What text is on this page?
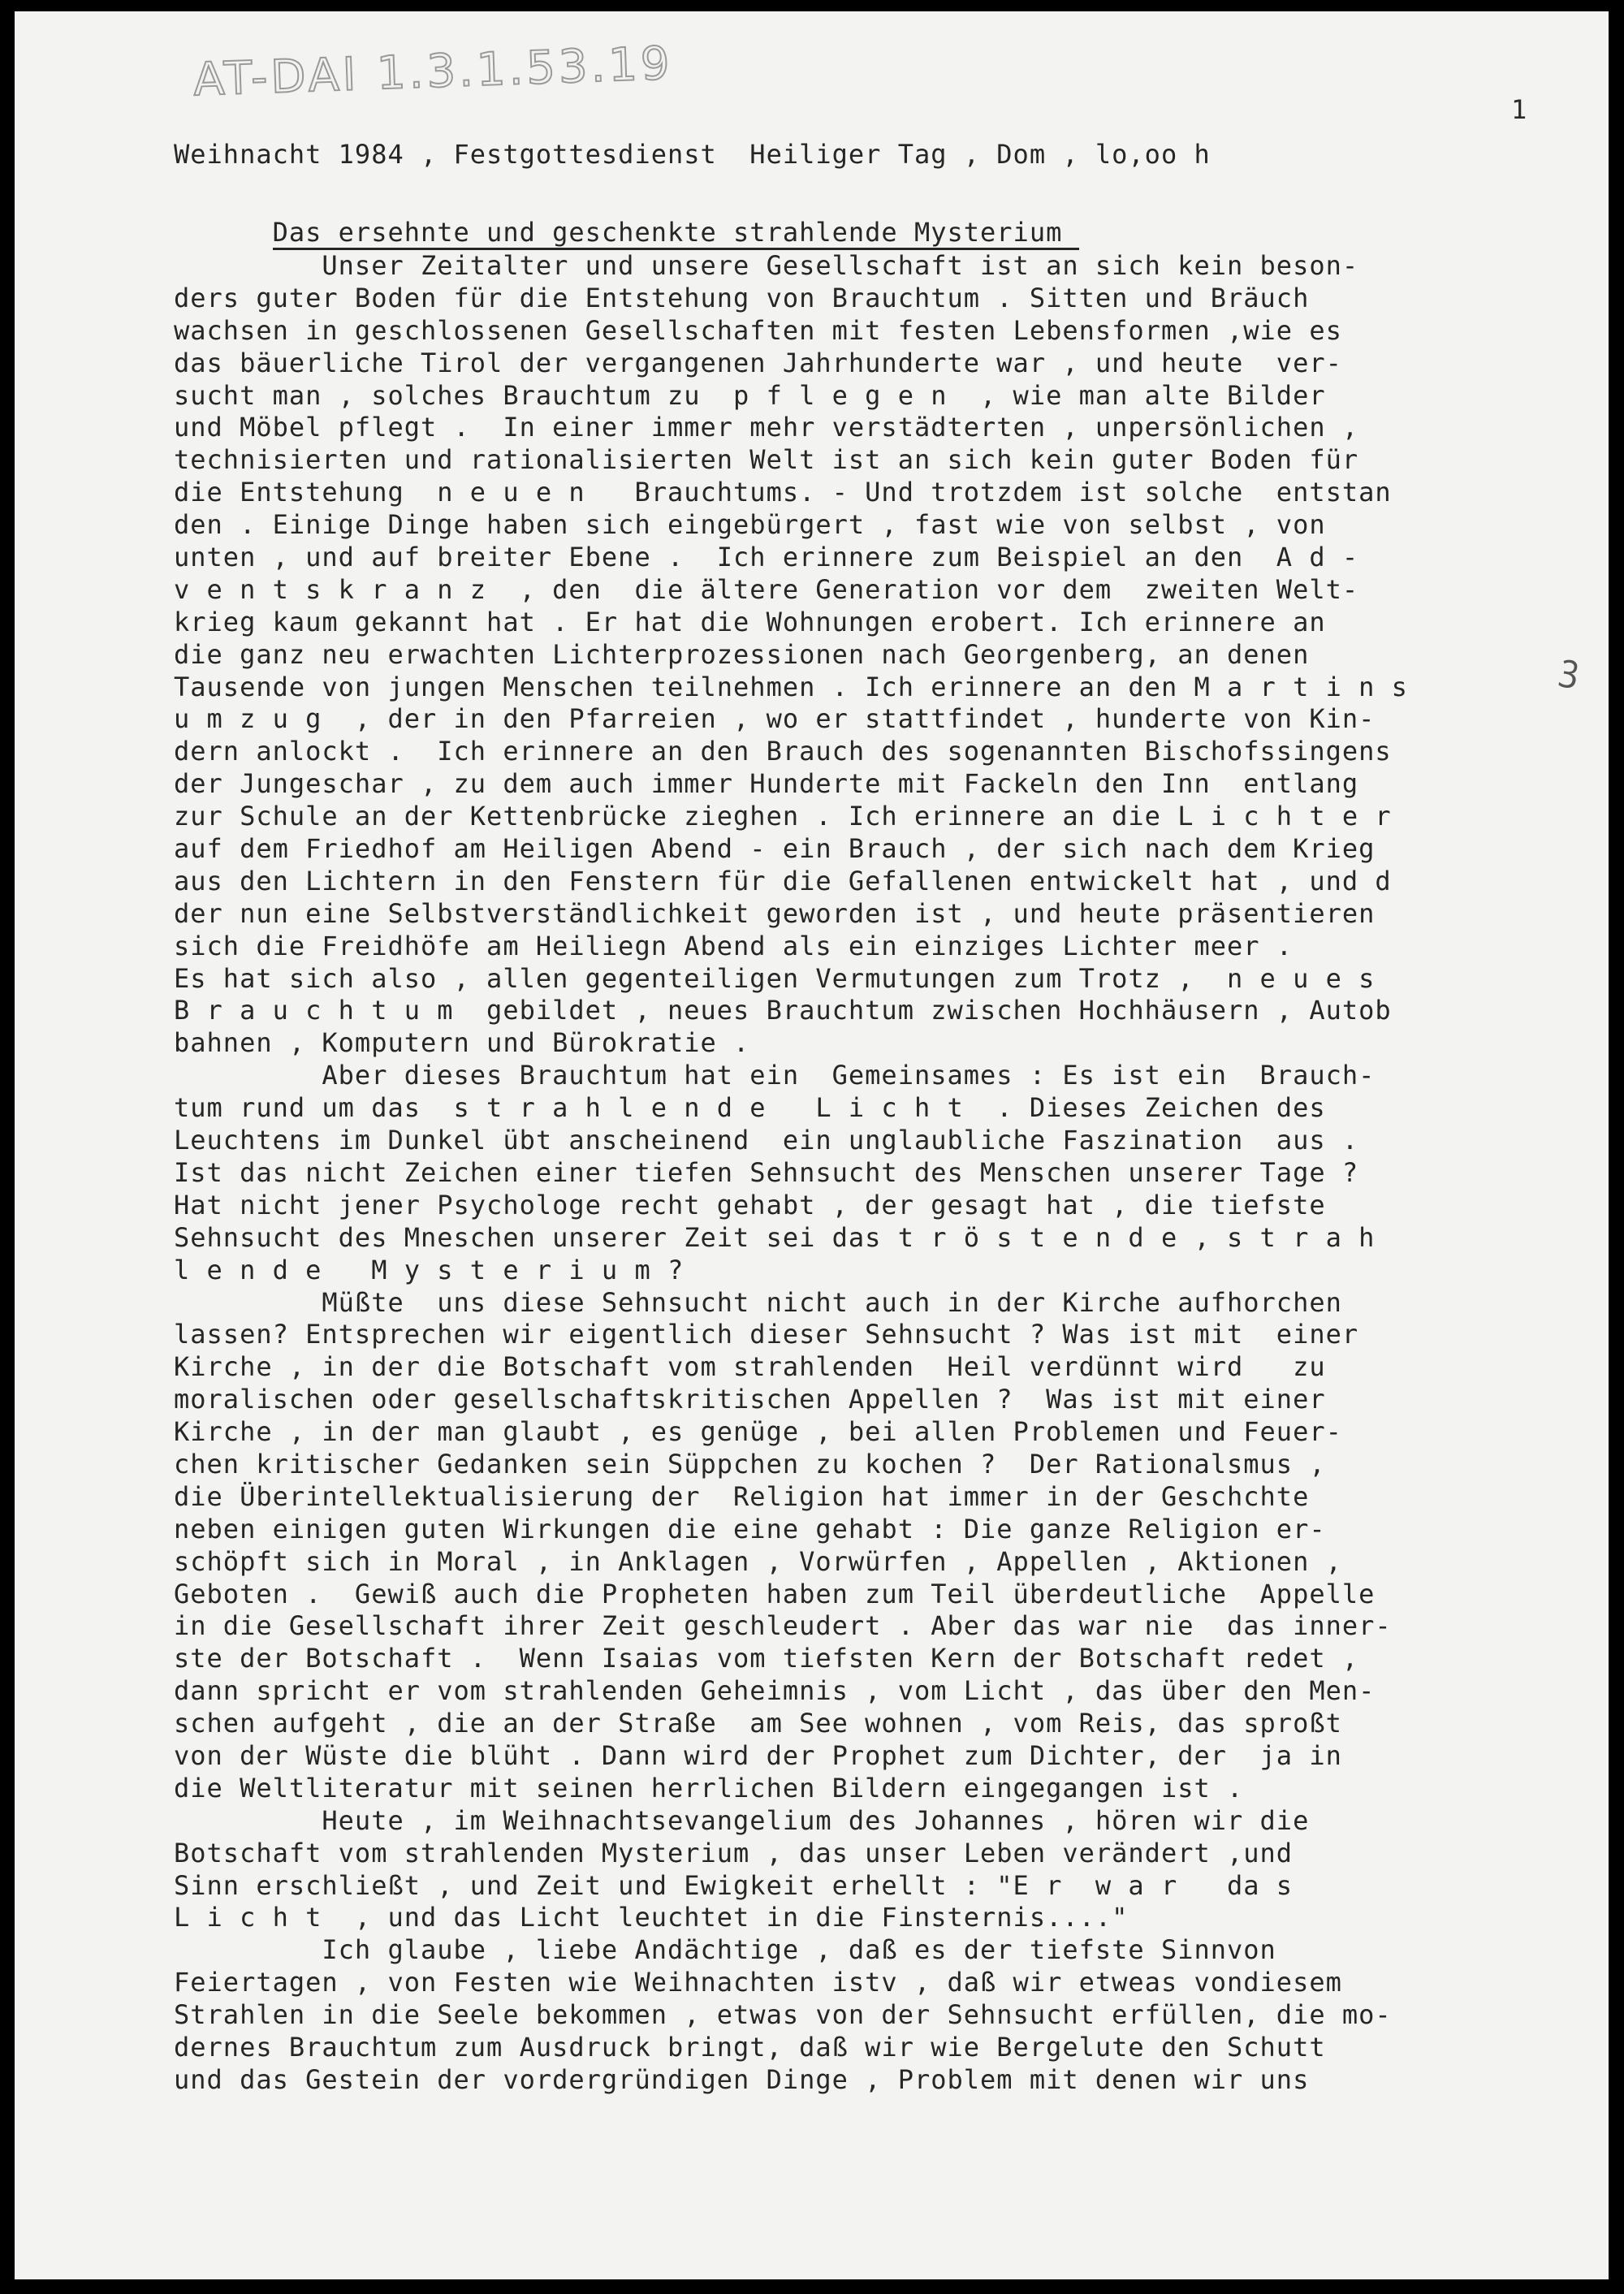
AT-DAI 1.3.1.53.19
1
ꝫ
Weihnacht 1984 , Festgottesdienst  Heiliger Tag , Dom , lo,oo h

Das ersehnte und geschenkte strahlende Mysterium

Unser Zeitalter und unsere Gesellschaft ist an sich kein beson-
ders guter Boden für die Entstehung von Brauchtum . Sitten und Bräuch
wachsen in geschlossenen Gesellschaften mit festen Lebensformen ,wie es
das bäuerliche Tirol der vergangenen Jahrhunderte war , und heute  ver-
sucht man , solches Brauchtum zu  p f l e g e n  , wie man alte Bilder
und Möbel pflegt .  In einer immer mehr verstädterten , unpersönlichen ,
technisierten und rationalisierten Welt ist an sich kein guter Boden für
die Entstehung  n e u e n   Brauchtums. - Und trotzdem ist solche  entstan
den . Einige Dinge haben sich eingebürgert , fast wie von selbst , von
unten , und auf breiter Ebene .  Ich erinnere zum Beispiel an den  A d -
v e n t s k r a n z  , den  die ältere Generation vor dem  zweiten Welt-
krieg kaum gekannt hat . Er hat die Wohnungen erobert. Ich erinnere an
die ganz neu erwachten Lichterprozessionen nach Georgenberg, an denen
Tausende von jungen Menschen teilnehmen . Ich erinnere an den M a r t i n s
u m z u g  , der in den Pfarreien , wo er stattfindet , hunderte von Kin-
dern anlockt .  Ich erinnere an den Brauch des sogenannten Bischofssingens
der Jungeschar , zu dem auch immer Hunderte mit Fackeln den Inn  entlang
zur Schule an der Kettenbrücke zieghen . Ich erinnere an die L i c h t e r
auf dem Friedhof am Heiligen Abend - ein Brauch , der sich nach dem Krieg
aus den Lichtern in den Fenstern für die Gefallenen entwickelt hat , und d
der nun eine Selbstverständlichkeit geworden ist , und heute präsentieren
sich die Freidhöfe am Heiliegn Abend als ein einziges Lichter meer .
Es hat sich also , allen gegenteiligen Vermutungen zum Trotz ,  n e u e s
B r a u c h t u m  gebildet , neues Brauchtum zwischen Hochhäusern , Autob
bahnen , Komputern und Bürokratie .
Aber dieses Brauchtum hat ein  Gemeinsames : Es ist ein  Brauch-
tum rund um das  s t r a h l e n d e   L i c h t  . Dieses Zeichen des
Leuchtens im Dunkel übt anscheinend  ein unglaubliche Faszination  aus .
Ist das nicht Zeichen einer tiefen Sehnsucht des Menschen unserer Tage ?
Hat nicht jener Psychologe recht gehabt , der gesagt hat , die tiefste
Sehnsucht des Mneschen unserer Zeit sei das t r ö s t e n d e , s t r a h
l e n d e   M y s t e r i u m ?
Müßte  uns diese Sehnsucht nicht auch in der Kirche aufhorchen
lassen? Entsprechen wir eigentlich dieser Sehnsucht ? Was ist mit  einer
Kirche , in der die Botschaft vom strahlenden  Heil verdünnt wird   zu
moralischen oder gesellschaftskritischen Appellen ?  Was ist mit einer
Kirche , in der man glaubt , es genüge , bei allen Problemen und Feuer-
chen kritischer Gedanken sein Süppchen zu kochen ?  Der Rationalsmus ,
die Überintellektualisierung der  Religion hat immer in der Geschchte
neben einigen guten Wirkungen die eine gehabt : Die ganze Religion er-
schöpft sich in Moral , in Anklagen , Vorwürfen , Appellen , Aktionen ,
Geboten .  Gewiß auch die Propheten haben zum Teil überdeutliche  Appelle
in die Gesellschaft ihrer Zeit geschleudert . Aber das war nie  das inner-
ste der Botschaft .  Wenn Isaias vom tiefsten Kern der Botschaft redet ,
dann spricht er vom strahlenden Geheimnis , vom Licht , das über den Men-
schen aufgeht , die an der Straße  am See wohnen , vom Reis, das sproßt
von der Wüste die blüht . Dann wird der Prophet zum Dichter, der  ja in
die Weltliteratur mit seinen herrlichen Bildern eingegangen ist .
Heute , im Weihnachtsevangelium des Johannes , hören wir die
Botschaft vom strahlenden Mysterium , das unser Leben verändert ,und
Sinn erschließt , und Zeit und Ewigkeit erhellt : "E r  w a r   da s
L i c h t  , und das Licht leuchtet in die Finsternis...."
Ich glaube , liebe Andächtige , daß es der tiefste Sinnvon
Feiertagen , von Festen wie Weihnachten istv , daß wir etweas vondiesem
Strahlen in die Seele bekommen , etwas von der Sehnsucht erfüllen, die mo-
dernes Brauchtum zum Ausdruck bringt, daß wir wie Bergelute den Schutt
und das Gestein der vordergründigen Dinge , Problem mit denen wir uns
